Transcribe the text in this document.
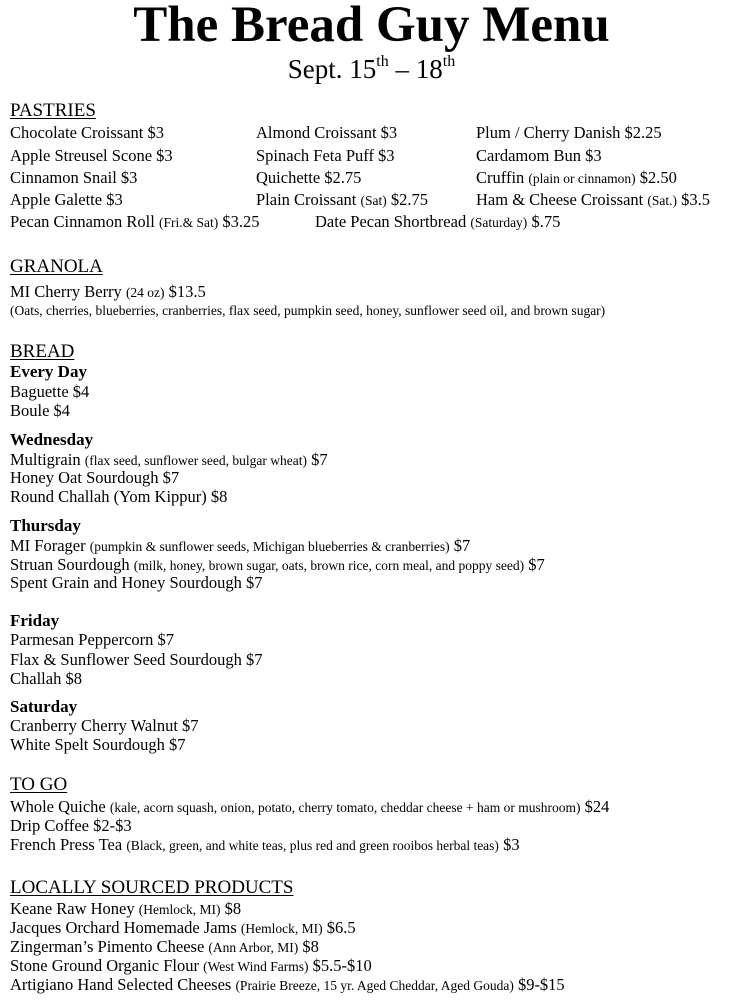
The Bread Guy Menu
Sept. 15th – 18th
PASTRIES
Chocolate Croissant $3	Almond Croissant $3	Plum / Cherry Danish $2.25
Apple Streusel Scone $3	Spinach Feta Puff $3	Cardamom Bun $3
Cinnamon Snail $3	Quichette $2.75	Cruffin (plain or cinnamon) $2.50
Apple Galette $3	Plain Croissant (Sat) $2.75	Ham & Cheese Croissant (Sat.) $3.5
Pecan Cinnamon Roll (Fri.& Sat) $3.25	Date Pecan Shortbread (Saturday) $.75
GRANOLA
MI Cherry Berry (24 oz) $13.5
(Oats, cherries, blueberries, cranberries, flax seed, pumpkin seed, honey, sunflower seed oil, and brown sugar)
BREAD
Every Day
Baguette $4
Boule $4
Wednesday
Multigrain (flax seed, sunflower seed, bulgar wheat) $7
Honey Oat Sourdough $7
Round Challah (Yom Kippur) $8
Thursday
MI Forager (pumpkin & sunflower seeds, Michigan blueberries & cranberries) $7
Struan Sourdough (milk, honey, brown sugar, oats, brown rice, corn meal, and poppy seed) $7
Spent Grain and Honey Sourdough $7
Friday
Parmesan Peppercorn $7
Flax & Sunflower Seed Sourdough $7
Challah $8
Saturday
Cranberry Cherry Walnut $7
White Spelt Sourdough $7
TO GO
Whole Quiche (kale, acorn squash, onion, potato, cherry tomato, cheddar cheese + ham or mushroom) $24
Drip Coffee $2-$3
French Press Tea (Black, green, and white teas, plus red and green rooibos herbal teas) $3
LOCALLY SOURCED PRODUCTS
Keane Raw Honey (Hemlock, MI) $8
Jacques Orchard Homemade Jams (Hemlock, MI) $6.5
Zingerman’s Pimento Cheese (Ann Arbor, MI) $8
Stone Ground Organic Flour (West Wind Farms) $5.5-$10
Artigiano Hand Selected Cheeses (Prairie Breeze, 15 yr. Aged Cheddar, Aged Gouda) $9-$15
